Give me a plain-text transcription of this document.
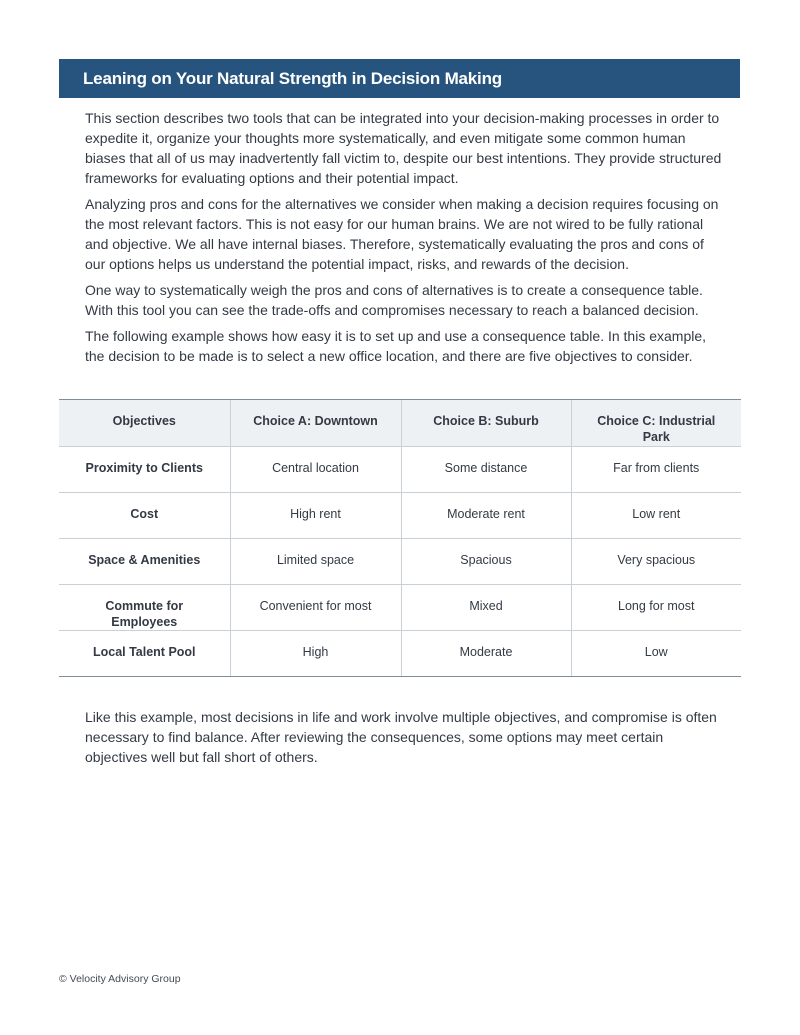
Leaning on Your Natural Strength in Decision Making

This section describes two tools that can be integrated into your decision-making processes in order to expedite it, organize your thoughts more systematically, and even mitigate some common human biases that all of us may inadvertently fall victim to, despite our best intentions. They provide structured frameworks for evaluating options and their potential impact.

Analyzing pros and cons for the alternatives we consider when making a decision requires focusing on the most relevant factors. This is not easy for our human brains. We are not wired to be fully rational and objective. We all have internal biases. Therefore, systematically evaluating the pros and cons of our options helps us understand the potential impact, risks, and rewards of the decision.

One way to systematically weigh the pros and cons of alternatives is to create a consequence table. With this tool you can see the trade-offs and compromises necessary to reach a balanced decision.

The following example shows how easy it is to set up and use a consequence table. In this example, the decision to be made is to select a new office location, and there are five objectives to consider.

Objectives	Choice A: Downtown	Choice B: Suburb	Choice C: Industrial Park
Proximity to Clients	Central location	Some distance	Far from clients
Cost	High rent	Moderate rent	Low rent
Space & Amenities	Limited space	Spacious	Very spacious
Commute for Employees	Convenient for most	Mixed	Long for most
Local Talent Pool	High	Moderate	Low

Like this example, most decisions in life and work involve multiple objectives, and compromise is often necessary to find balance. After reviewing the consequences, some options may meet certain objectives well but fall short of others.

© Velocity Advisory Group
